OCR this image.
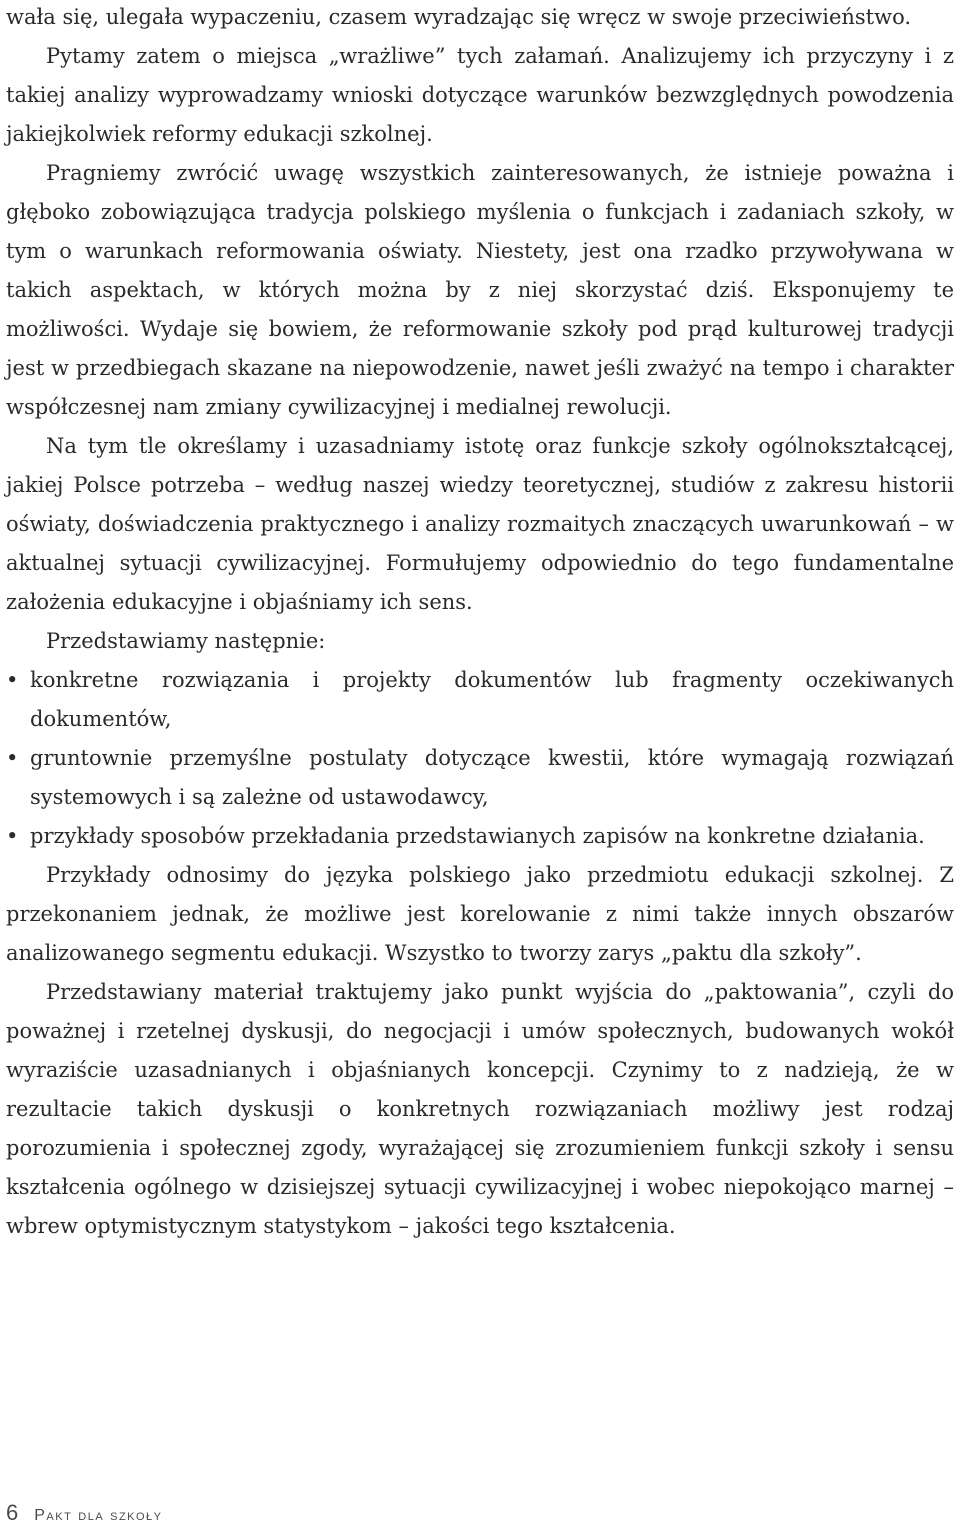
wała się, ulegała wypaczeniu, czasem wyradzając się wręcz w swoje przeciwieństwo.

Pytamy zatem o miejsca „wrażliwe” tych załamań. Analizujemy ich przyczyny i z takiej analizy wyprowadzamy wnioski dotyczące warunków bezwzględnych powodzenia jakiejkolwiek reformy edukacji szkolnej.

Pragniemy zwrócić uwagę wszystkich zainteresowanych, że istnieje poważna i głęboko zobowiązująca tradycja polskiego myślenia o funkcjach i zadaniach szkoły, w tym o warunkach reformowania oświaty. Niestety, jest ona rzadko przywoływana w takich aspektach, w których można by z niej skorzystać dziś. Eksponujemy te możliwości. Wydaje się bowiem, że reformowanie szkoły pod prąd kulturowej tradycji jest w przedbiegach skazane na niepowodzenie, nawet jeśli zważyć na tempo i charakter współczesnej nam zmiany cywilizacyjnej i medialnej rewolucji.

Na tym tle określamy i uzasadniamy istotę oraz funkcje szkoły ogólnokształcącej, jakiej Polsce potrzeba – według naszej wiedzy teoretycznej, studiów z zakresu historii oświaty, doświadczenia praktycznego i analizy rozmaitych znaczących uwarunkowań – w aktualnej sytuacji cywilizacyjnej. Formułujemy odpowiednio do tego fundamentalne założenia edukacyjne i objaśniamy ich sens.

Przedstawiamy następnie:

• konkretne rozwiązania i projekty dokumentów lub fragmenty oczekiwanych dokumentów,
• gruntownie przemyślne postulaty dotyczące kwestii, które wymagają rozwiązań systemowych i są zależne od ustawodawcy,
• przykłady sposobów przekładania przedstawianych zapisów na konkretne działania.

Przykłady odnosimy do języka polskiego jako przedmiotu edukacji szkolnej. Z przekonaniem jednak, że możliwe jest korelowanie z nimi także innych obszarów analizowanego segmentu edukacji. Wszystko to tworzy zarys „paktu dla szkoły”.

Przedstawiany materiał traktujemy jako punkt wyjścia do „paktowania”, czyli do poważnej i rzetelnej dyskusji, do negocjacji i umów społecznych, budowanych wokół wyraziście uzasadnianych i objaśnianych koncepcji. Czynimy to z nadzieją, że w rezultacie takich dyskusji o konkretnych rozwiązaniach możliwy jest rodzaj porozumienia i społecznej zgody, wyrażającej się zrozumieniem funkcji szkoły i sensu kształcenia ogólnego w dzisiejszej sytuacji cywilizacyjnej i wobec niepokojąco marnej – wbrew optymistycznym statystykom – jakości tego kształcenia.

6 Pakt dla szkoły
